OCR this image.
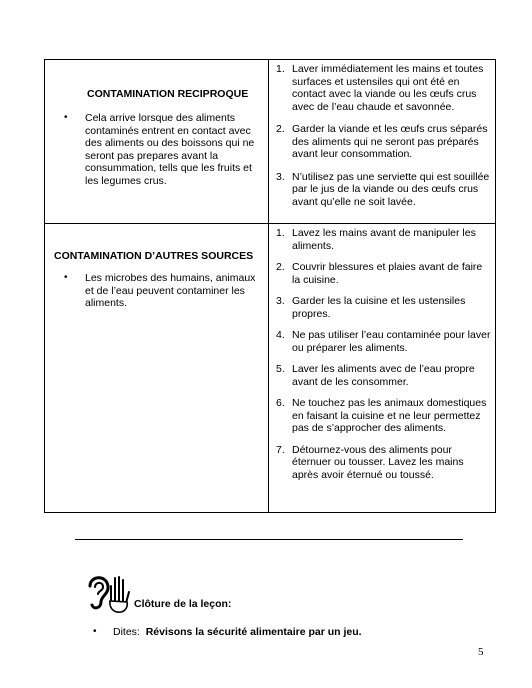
CONTAMINATION RECIPROQUE
• Cela arrive lorsque des aliments contaminés entrent en contact avec des aliments ou des boissons qui ne seront pas prepares avant la consummation, tells que les fruits et les legumes crus.
CONTAMINATION D’AUTRES SOURCES
• Les microbes des humains, animaux et de l’eau peuvent contaminer les aliments.
1. Laver immédiatement les mains et toutes surfaces et ustensiles qui ont été en contact avec la viande ou les œufs crus avec de l’eau chaude et savonnée.
2. Garder la viande et les œufs crus séparés des aliments qui ne seront pas préparés avant leur consommation.
3. N’utilisez pas une serviette qui est souillée par le jus de la viande ou des œufs crus avant qu’elle ne soit lavée.
1. Lavez les mains avant de manipuler les aliments.
2. Couvrir blessures et plaies avant de faire la cuisine.
3. Garder les la cuisine et les ustensiles propres.
4. Ne pas utiliser l’eau contaminée pour laver ou préparer les aliments.
5. Laver les aliments avec de l’eau propre avant de les consommer.
6. Ne touchez pas les animaux domestiques en faisant la cuisine et ne leur permettez pas de s’approcher des aliments.
7. Détournez-vous des aliments pour éternuer ou tousser. Lavez les mains après avoir éternué ou toussé.
Clôture de la leçon:
• Dites: Révisons la sécurité alimentaire par un jeu.
5
